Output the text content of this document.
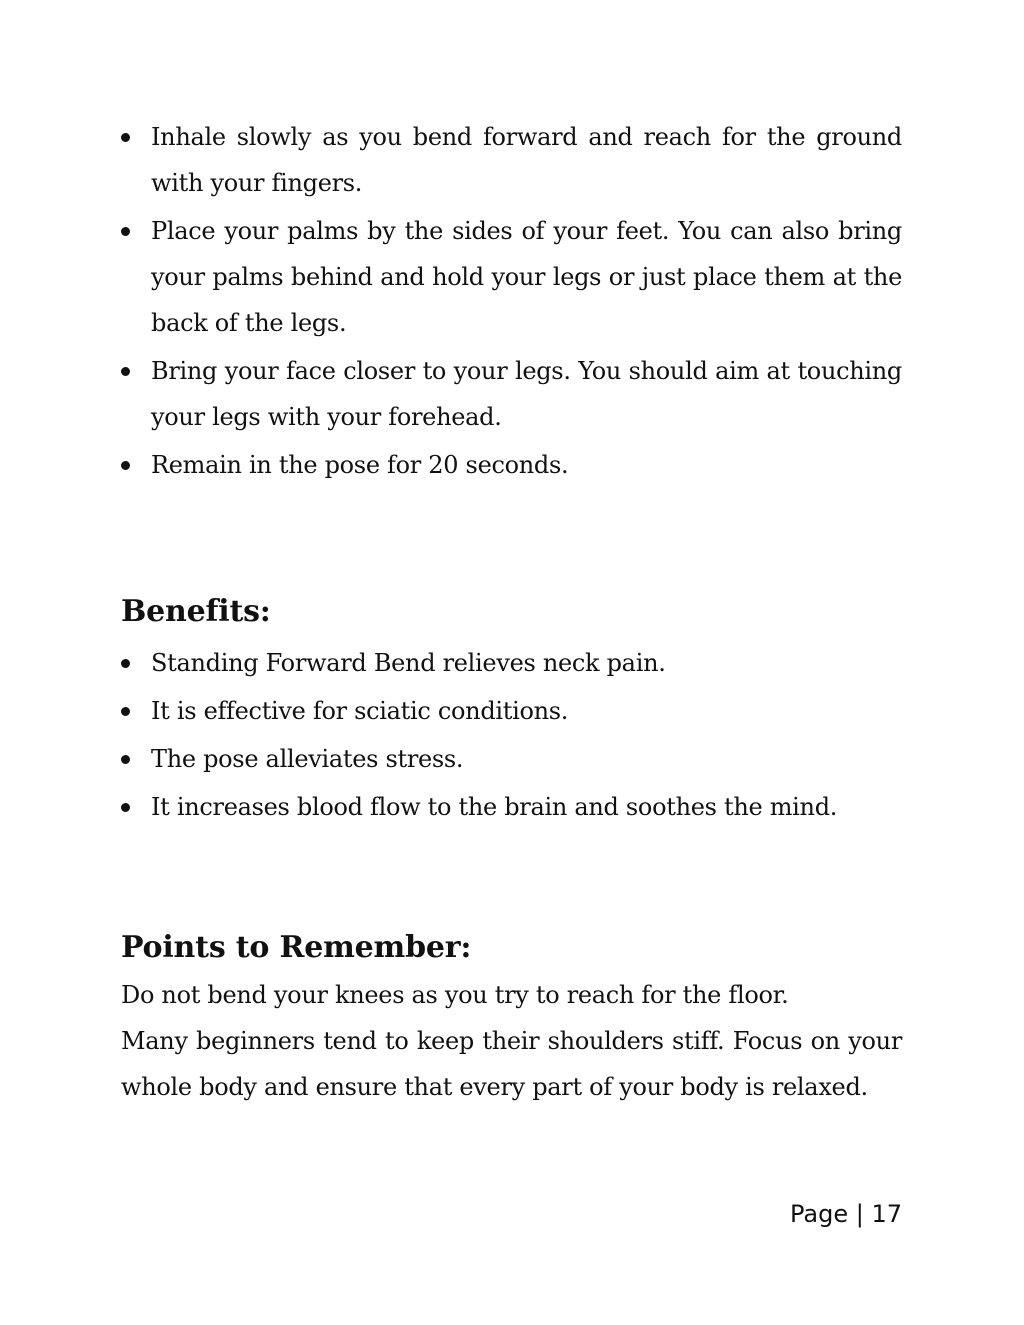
Inhale slowly as you bend forward and reach for the ground with your fingers.
Place your palms by the sides of your feet. You can also bring your palms behind and hold your legs or just place them at the back of the legs.
Bring your face closer to your legs. You should aim at touching your legs with your forehead.
Remain in the pose for 20 seconds.
Benefits:
Standing Forward Bend relieves neck pain.
It is effective for sciatic conditions.
The pose alleviates stress.
It increases blood flow to the brain and soothes the mind.
Points to Remember:

Do not bend your knees as you try to reach for the floor.

Many beginners tend to keep their shoulders stiff. Focus on your whole body and ensure that every part of your body is relaxed.

Page | 17
